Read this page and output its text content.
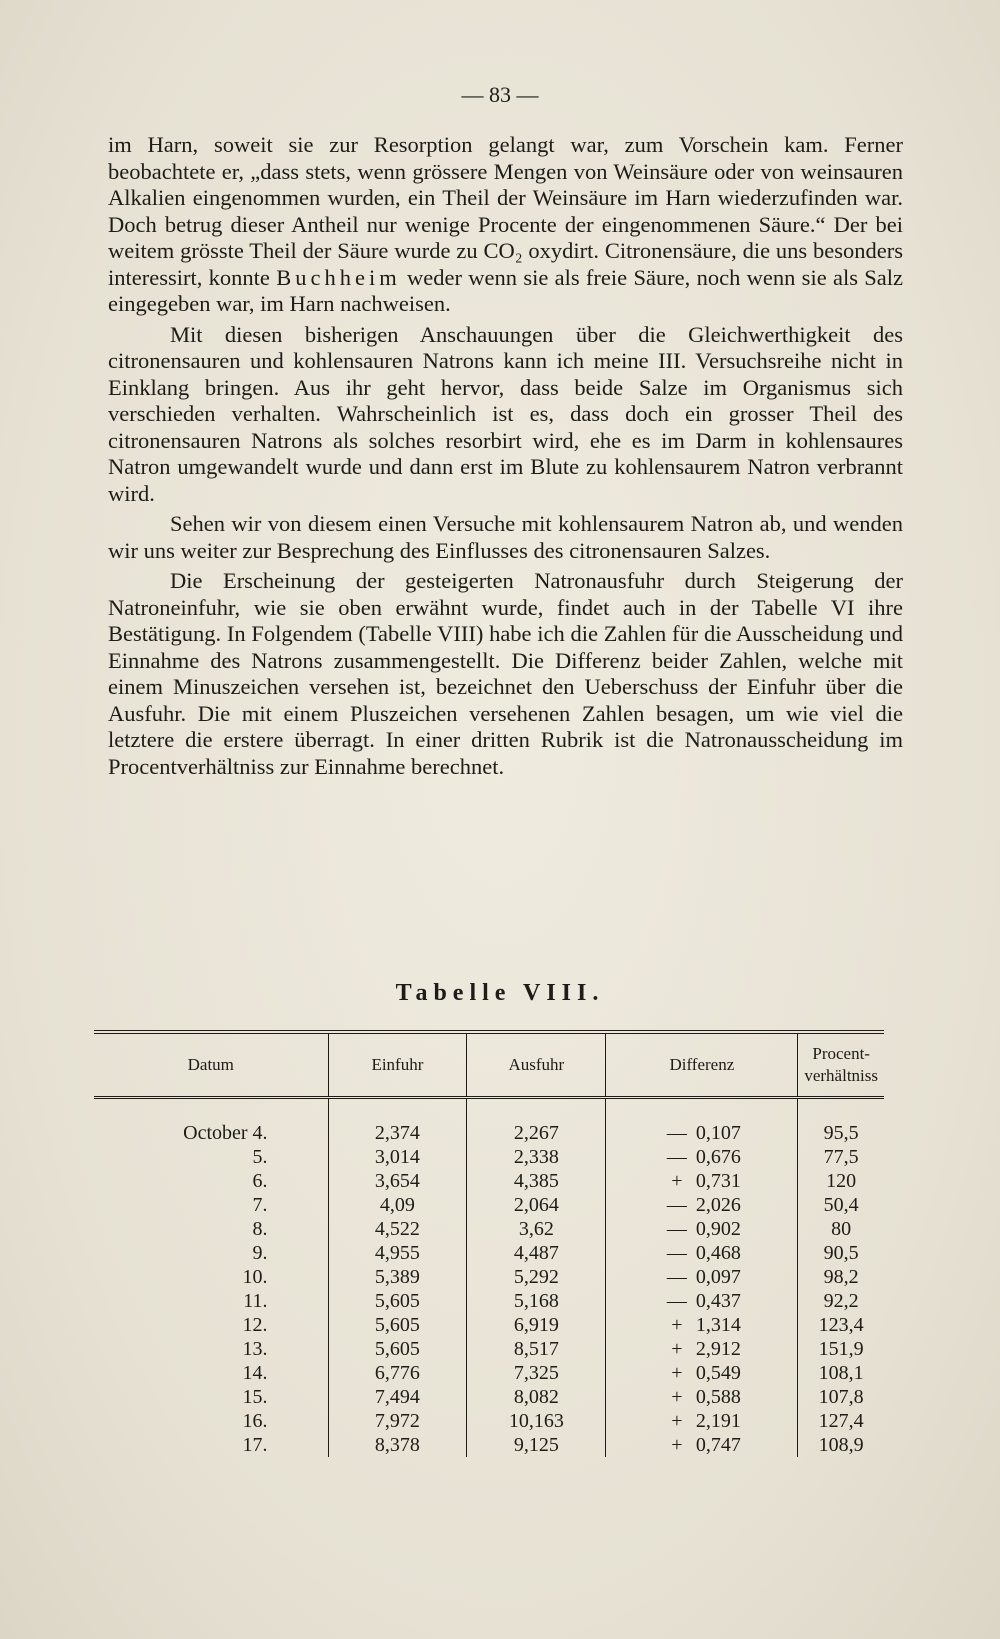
— 83 —

im Harn, soweit sie zur Resorption gelangt war, zum Vorschein kam. Ferner beobachtete er, „dass stets, wenn grössere Mengen von Weinsäure oder von weinsauren Alkalien eingenommen wurden, ein Theil der Weinsäure im Harn wiederzufinden war. Doch betrug dieser Antheil nur wenige Procente der eingenommenen Säure.“ Der bei weitem grösste Theil der Säure wurde zu CO₂ oxydirt. Citronensäure, die uns besonders interessirt, konnte Buchheim weder wenn sie als freie Säure, noch wenn sie als Salz eingegeben war, im Harn nachweisen.

Mit diesen bisherigen Anschauungen über die Gleichwerthigkeit des citronensauren und kohlensauren Natrons kann ich meine III. Versuchsreihe nicht in Einklang bringen. Aus ihr geht hervor, dass beide Salze im Organismus sich verschieden verhalten. Wahrscheinlich ist es, dass doch ein grosser Theil des citronensauren Natrons als solches resorbirt wird, ehe es im Darm in kohlensaures Natron umgewandelt wurde und dann erst im Blute zu kohlensaurem Natron verbrannt wird.

Sehen wir von diesem einen Versuche mit kohlensaurem Natron ab, und wenden wir uns weiter zur Besprechung des Einflusses des citronensauren Salzes.

Die Erscheinung der gesteigerten Natronausfuhr durch Steigerung der Natroneinfuhr, wie sie oben erwähnt wurde, findet auch in der Tabelle VI ihre Bestätigung. In Folgendem (Tabelle VIII) habe ich die Zahlen für die Ausscheidung und Einnahme des Natrons zusammengestellt. Die Differenz beider Zahlen, welche mit einem Minuszeichen versehen ist, bezeichnet den Ueberschuss der Einfuhr über die Ausfuhr. Die mit einem Pluszeichen versehenen Zahlen besagen, um wie viel die letztere die erstere überragt. In einer dritten Rubrik ist die Natronausscheidung im Procentverhältniss zur Einnahme berechnet.

Tabelle VIII.
Datum	Einfuhr	Ausfuhr	Differenz	Procent-
verhältniss
October 4.	2,374	2,267	— 0,107	95,5
5.	3,014	2,338	— 0,676	77,5
6.	3,654	4,385	+ 0,731	120
7.	4,09	2,064	— 2,026	50,4
8.	4,522	3,62	— 0,902	80
9.	4,955	4,487	— 0,468	90,5
10.	5,389	5,292	— 0,097	98,2
11.	5,605	5,168	— 0,437	92,2
12.	5,605	6,919	+ 1,314	123,4
13.	5,605	8,517	+ 2,912	151,9
14.	6,776	7,325	+ 0,549	108,1
15.	7,494	8,082	+ 0,588	107,8
16.	7,972	10,163	+ 2,191	127,4
17.	8,378	9,125	+ 0,747	108,9
